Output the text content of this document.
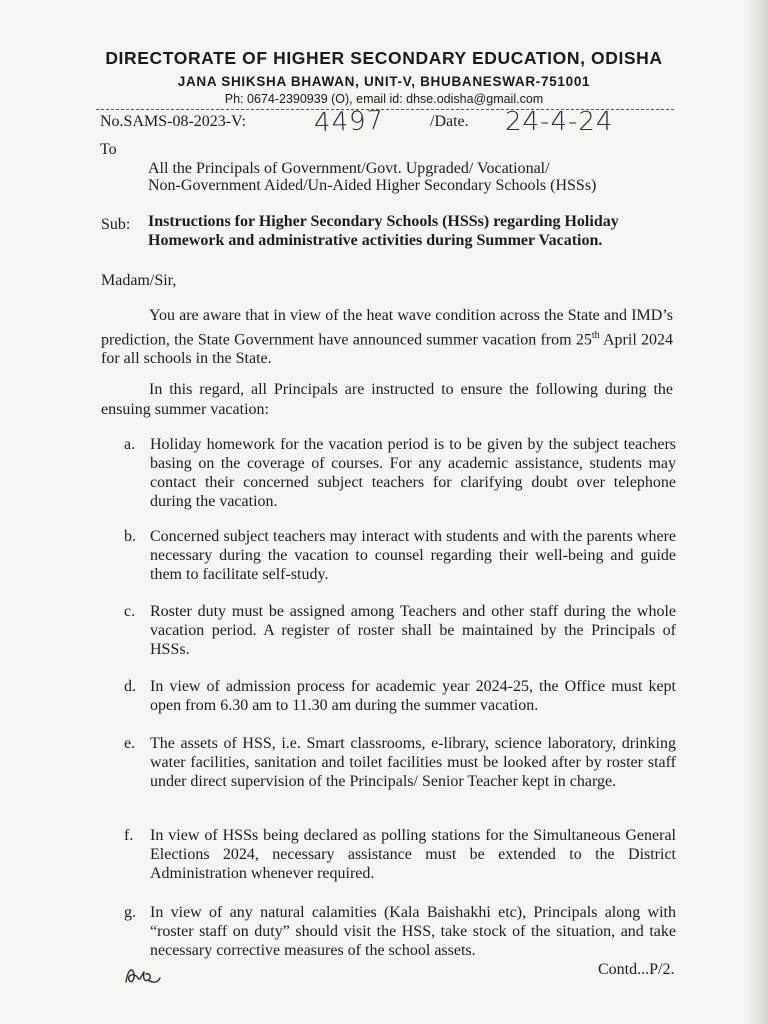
DIRECTORATE OF HIGHER SECONDARY EDUCATION, ODISHA
JANA SHIKSHA BHAWAN, UNIT-V, BHUBANESWAR-751001
Ph: 0674-2390939 (O), email id: dhse.odisha@gmail.com
No.SAMS-08-2023-V:	4497	/Date. 24-4-24
To
All the Principals of Government/Govt. Upgraded/ Vocational/
Non-Government Aided/Un-Aided Higher Secondary Schools (HSSs)
Sub: Instructions for Higher Secondary Schools (HSSs) regarding Holiday Homework and administrative activities during Summer Vacation.
Madam/Sir,
You are aware that in view of the heat wave condition across the State and IMD’s prediction, the State Government have announced summer vacation from 25th April 2024 for all schools in the State.
In this regard, all Principals are instructed to ensure the following during the ensuing summer vacation:
a. Holiday homework for the vacation period is to be given by the subject teachers basing on the coverage of courses. For any academic assistance, students may contact their concerned subject teachers for clarifying doubt over telephone during the vacation.
b. Concerned subject teachers may interact with students and with the parents where necessary during the vacation to counsel regarding their well-being and guide them to facilitate self-study.
c. Roster duty must be assigned among Teachers and other staff during the whole vacation period. A register of roster shall be maintained by the Principals of HSSs.
d. In view of admission process for academic year 2024-25, the Office must kept open from 6.30 am to 11.30 am during the summer vacation.
e. The assets of HSS, i.e. Smart classrooms, e-library, science laboratory, drinking water facilities, sanitation and toilet facilities must be looked after by roster staff under direct supervision of the Principals/ Senior Teacher kept in charge.
f. In view of HSSs being declared as polling stations for the Simultaneous General Elections 2024, necessary assistance must be extended to the District Administration whenever required.
g. In view of any natural calamities (Kala Baishakhi etc), Principals along with “roster staff on duty” should visit the HSS, take stock of the situation, and take necessary corrective measures of the school assets.
Contd...P/2.
